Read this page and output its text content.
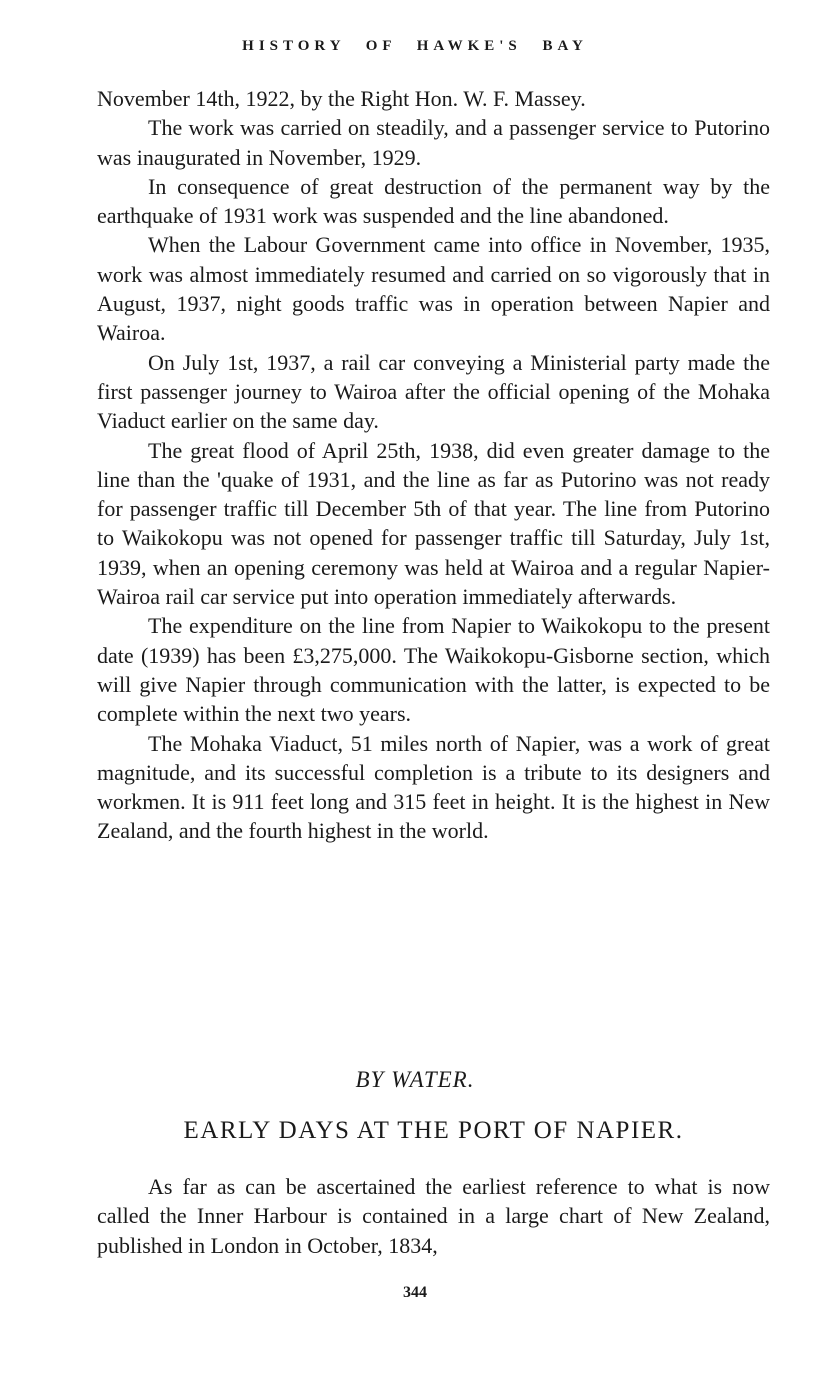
HISTORY OF HAWKE'S BAY

November 14th, 1922, by the Right Hon. W. F. Massey.

The work was carried on steadily, and a passenger service to Putorino was inaugurated in November, 1929.

In consequence of great destruction of the permanent way by the earthquake of 1931 work was suspended and the line abandoned.

When the Labour Government came into office in November, 1935, work was almost immediately resumed and carried on so vigorously that in August, 1937, night goods traffic was in operation between Napier and Wairoa.

On July 1st, 1937, a rail car conveying a Ministerial party made the first passenger journey to Wairoa after the official opening of the Mohaka Viaduct earlier on the same day.

The great flood of April 25th, 1938, did even greater damage to the line than the 'quake of 1931, and the line as far as Putorino was not ready for passenger traffic till December 5th of that year. The line from Putorino to Waikokopu was not opened for passenger traffic till Saturday, July 1st, 1939, when an opening ceremony was held at Wairoa and a regular Napier-Wairoa rail car service put into operation immediately afterwards.

The expenditure on the line from Napier to Waikokopu to the present date (1939) has been £3,275,000. The Waikokopu-Gisborne section, which will give Napier through communication with the latter, is expected to be complete within the next two years.

The Mohaka Viaduct, 51 miles north of Napier, was a work of great magnitude, and its successful completion is a tribute to its designers and workmen. It is 911 feet long and 315 feet in height. It is the highest in New Zealand, and the fourth highest in the world.

BY WATER.
EARLY DAYS AT THE PORT OF NAPIER.

As far as can be ascertained the earliest reference to what is now called the Inner Harbour is contained in a large chart of New Zealand, published in London in October, 1834,

344
